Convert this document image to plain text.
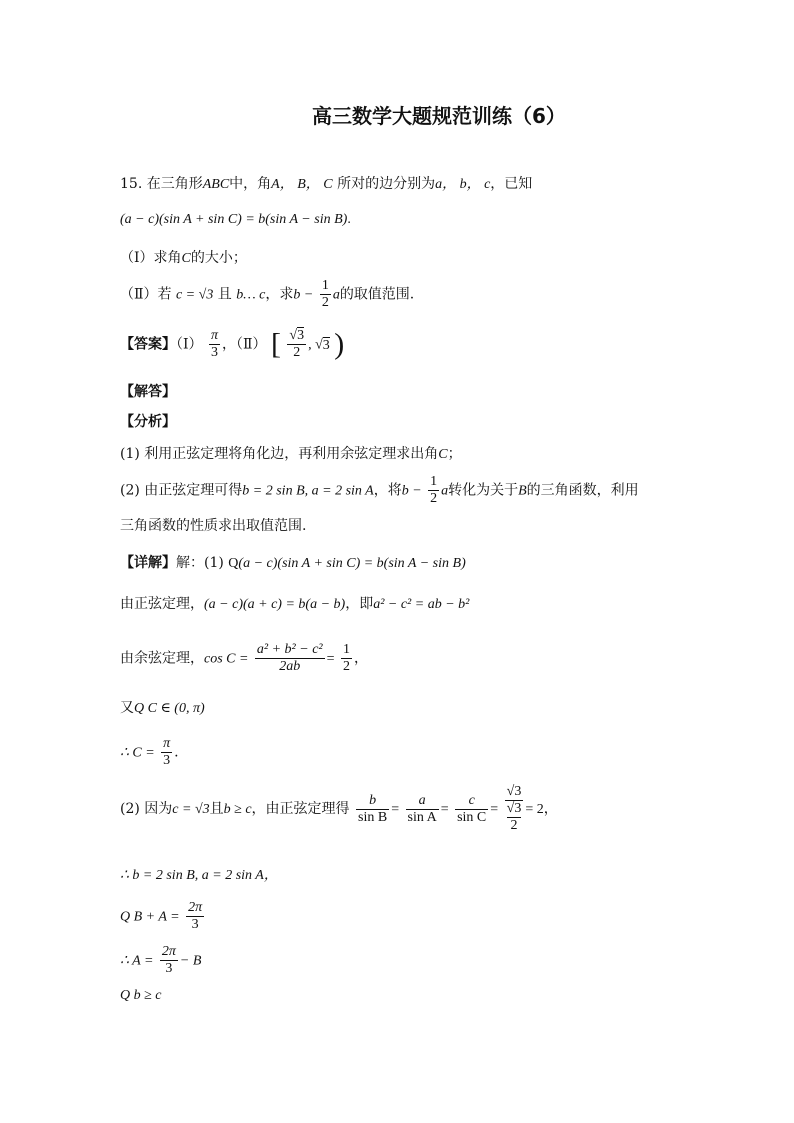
高三数学大题规范训练（6）
15. 在三角形ABC中，角A， B， C 所对的边分别为a， b， c，已知
(a − c)(sin A + sin C) = b(sin A − sin B).
（Ⅰ）求角C的大小；
（Ⅱ）若 c = √3 且 b… c，求$b - \frac{1}{2}$ a的取值范围.
【答案】（Ⅰ） $\frac{\pi}{3}$ ，（Ⅱ） [ $\frac{√3}{2}$ , √3 )
【解答】
【分析】
(1) 利用正弦定理将角化边，再利用余弦定理求出角C；
(2) 由正弦定理可得b = 2 sin B, a = 2 sin A，将$b - \frac{1}{2}$ a转化为关于B的三角函数，利用
三角函数的性质求出取值范围.
【详解】解：(1) Q(a − c)(sin A + sin C) = b(sin A − sin B)
由正弦定理，(a − c)(a + c) = b(a − b)，即a² − c² = ab − b²
由余弦定理，$\cos C = \frac{\text{a² + b² − c²}}{2ab} = \frac{1}{2}$ ，
又Q C ∈ (0, π)
∴ $C = \frac{\pi}{3}$ .
(2) 因为c = √3且b ≥ c，由正弦定理得 $\frac{b}{\text{sin B}} = \frac{a}{\text{sin A}} = \frac{c}{\text{sin C}} = √3$
√3
2 = 2，
∴ b = 2 sin B, a = 2 sin A，
Q $B + A = \frac{2\pi}{3}$
∴ $A = \frac{2\pi}{3} - B$
Q b ≥ c
